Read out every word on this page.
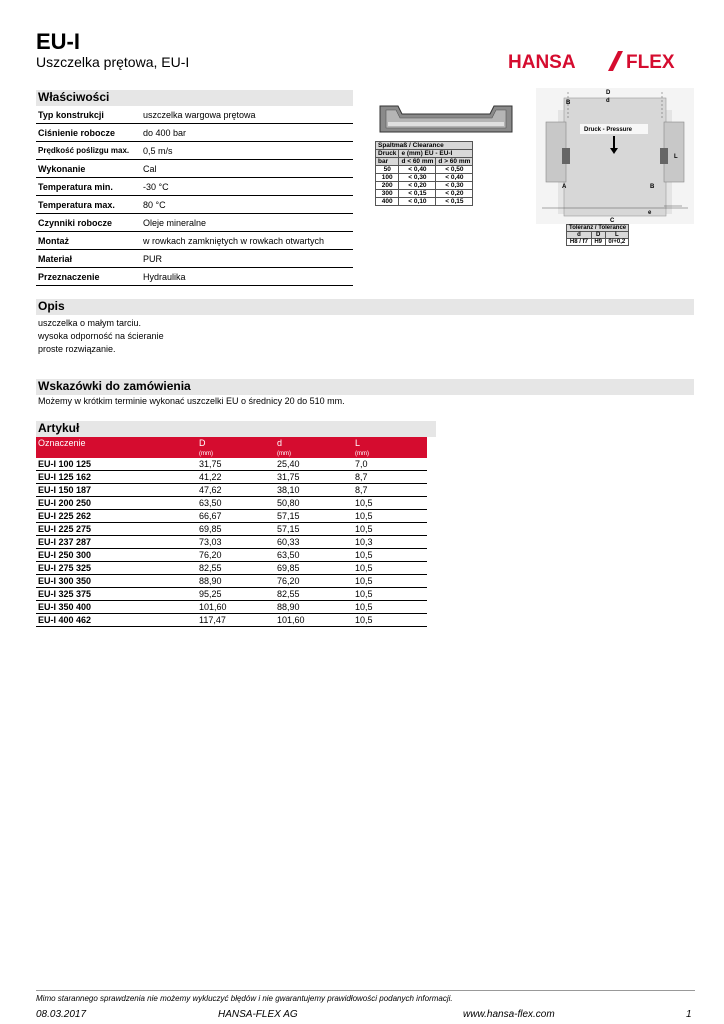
EU-I
Uszczelka prętowa, EU-I	HANSA	FLEX
Właściwości
Typ konstrukcji	uszczelka wargowa prętowa
Ciśnienie robocze	do 400 bar
Prędkość poślizgu max.	0,5 m/s
Wykonanie	Cal
Temperatura min.	-30 °C
Temperatura max.	80 °C
Czynniki robocze	Oleje mineralne
Montaż	w rowkach zamkniętych w rowkach otwartych
Materiał	PUR
Przeznaczenie	Hydraulika
Spaltmaß / Clearance		
Druck	e (mm) EU - EU-I	
bar	d < 60 mm	d > 60 mm
50	< 0,40	< 0,50
100	< 0,30	< 0,40
200	< 0,20	< 0,30
300	< 0,15	< 0,20
400	< 0,10	< 0,15
D
d
B
L
A	B
C
e
Druck - Pressure
Toleranz / Tolerance		
d	D	L
H8 / f7	H9	0/+0,2
Opis
uszczelka o małym tarciu.
wysoka odporność na ścieranie
proste rozwiązanie.
Wskazówki do zamówienia
Możemy w krótkim terminie wykonać uszczelki EU o średnicy 20 do 510 mm.
Artykuł
Oznaczenie	D	d	L
	(mm)	(mm)	(mm)
EU-I 100 125	31,75	25,40	7,0
EU-I 125 162	41,22	31,75	8,7
EU-I 150 187	47,62	38,10	8,7
EU-I 200 250	63,50	50,80	10,5
EU-I 225 262	66,67	57,15	10,5
EU-I 225 275	69,85	57,15	10,5
EU-I 237 287	73,03	60,33	10,3
EU-I 250 300	76,20	63,50	10,5
EU-I 275 325	82,55	69,85	10,5
EU-I 300 350	88,90	76,20	10,5
EU-I 325 375	95,25	82,55	10,5
EU-I 350 400	101,60	88,90	10,5
EU-I 400 462	117,47	101,60	10,5
Mimo starannego sprawdzenia nie możemy wykluczyć błędów i nie gwarantujemy prawidłowości podanych informacji.
08.03.2017	HANSA-FLEX AG	www.hansa-flex.com	1
